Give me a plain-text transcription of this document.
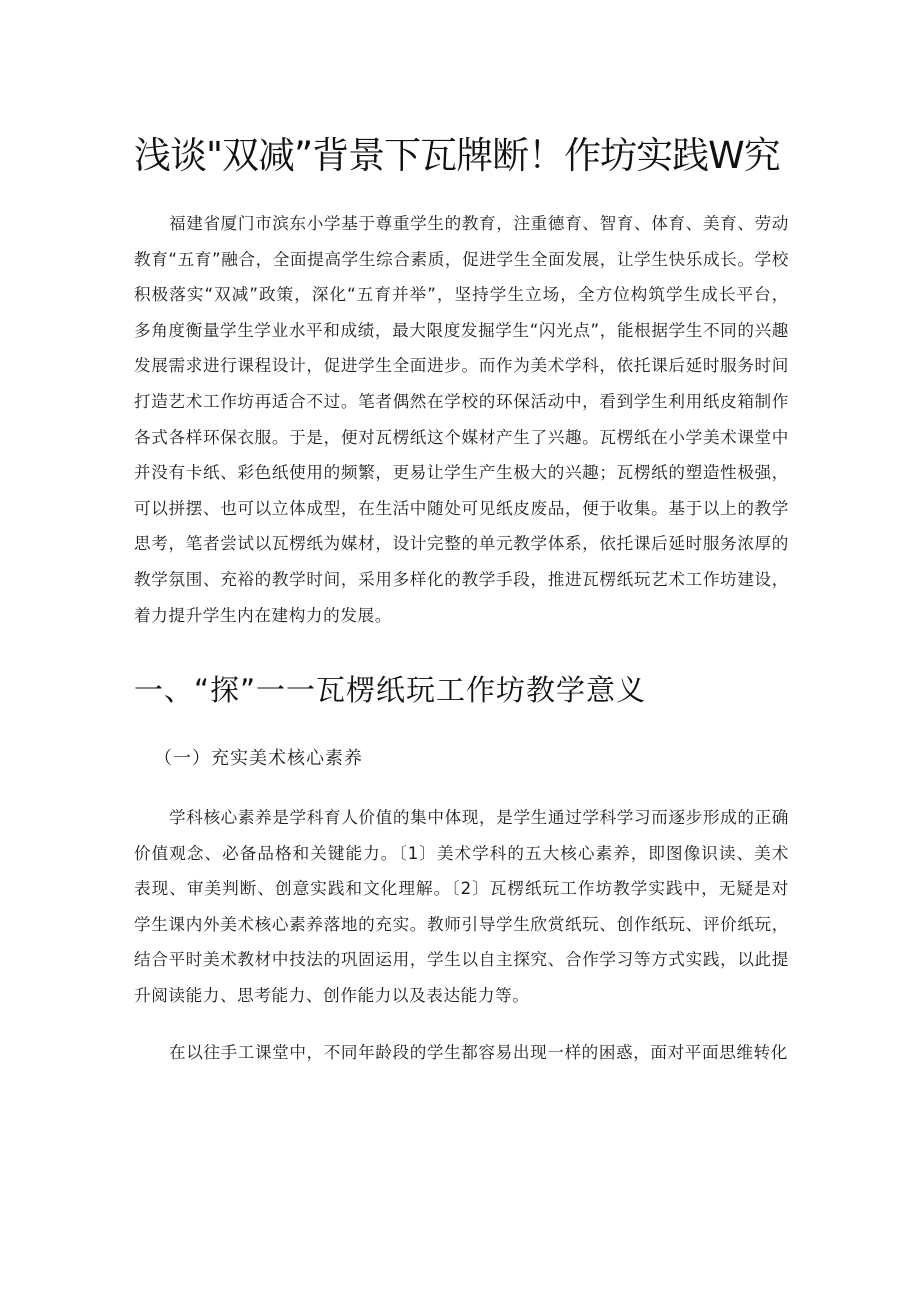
浅谈"双减”背景下瓦牌断！作坊实践W究

福建省厦门市滨东小学基于尊重学生的教育，注重德育、智育、体育、美育、劳动教育“五育”融合，全面提高学生综合素质，促进学生全面发展，让学生快乐成长。学校积极落实“双减”政策，深化“五育并举”，坚持学生立场，全方位构筑学生成长平台，多角度衡量学生学业水平和成绩，最大限度发掘学生“闪光点”，能根据学生不同的兴趣发展需求进行课程设计，促进学生全面进步。而作为美术学科，依托课后延时服务时间打造艺术工作坊再适合不过。笔者偶然在学校的环保活动中，看到学生利用纸皮箱制作各式各样环保衣服。于是，便对瓦楞纸这个媒材产生了兴趣。瓦楞纸在小学美术课堂中并没有卡纸、彩色纸使用的频繁，更易让学生产生极大的兴趣；瓦楞纸的塑造性极强，可以拼摆、也可以立体成型，在生活中随处可见纸皮废品，便于收集。基于以上的教学思考，笔者尝试以瓦楞纸为媒材，设计完整的单元教学体系，依托课后延时服务浓厚的教学氛围、充裕的教学时间，采用多样化的教学手段，推进瓦楞纸玩艺术工作坊建设，着力提升学生内在建构力的发展。

一、“探”一一瓦楞纸玩工作坊教学意义
（一）充实美术核心素养

学科核心素养是学科育人价值的集中体现，是学生通过学科学习而逐步形成的正确价值观念、必备品格和关键能力。〔1〕美术学科的五大核心素养，即图像识读、美术表现、审美判断、创意实践和文化理解。〔2〕瓦楞纸玩工作坊教学实践中，无疑是对学生课内外美术核心素养落地的充实。教师引导学生欣赏纸玩、创作纸玩、评价纸玩，结合平时美术教材中技法的巩固运用，学生以自主探究、合作学习等方式实践，以此提升阅读能力、思考能力、创作能力以及表达能力等。

在以往手工课堂中，不同年龄段的学生都容易出现一样的困惑，面对平面思维转化
